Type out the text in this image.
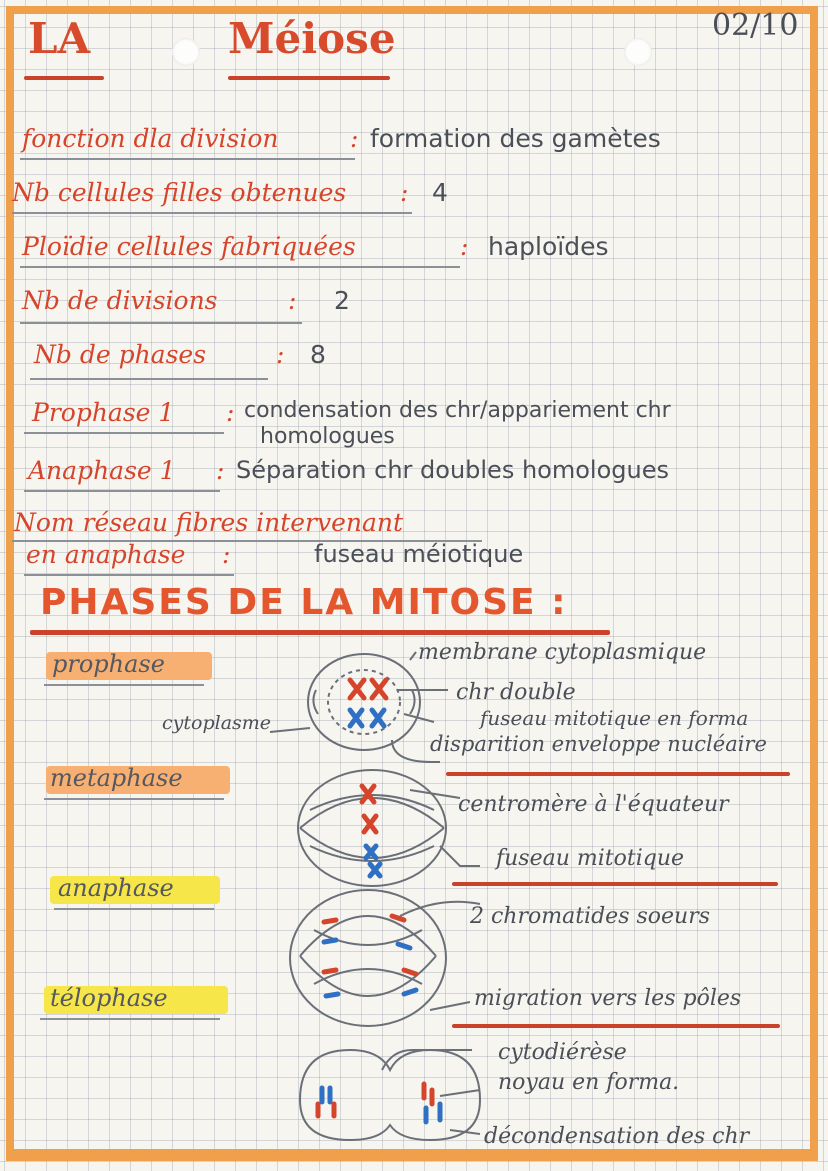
LA	Méiose	02/10
fonction dla division	: formation des gamètes
Nb cellules filles obtenues : 4
Ploïdie cellules fabriquées	: haploïdes
Nb de divisions	: 2
Nb de phases	: 8
Prophase 1 : condensation des chr/appariement chr
homologues
Anaphase 1 : Séparation chr doubles homologues
Nom réseau fibres intervenant
en anaphase :	fuseau méiotique
PHASES DE LA MITOSE :
prophase
metaphase
anaphase
télophase
cytoplasme
membrane cytoplasmique
chr double
fuseau mitotique en forma
disparition enveloppe nucléaire
centromère à l'équateur
fuseau mitotique
2 chromatides soeurs
migration vers les pôles
cytodiérèse
noyau en forma.
décondensation des chr
